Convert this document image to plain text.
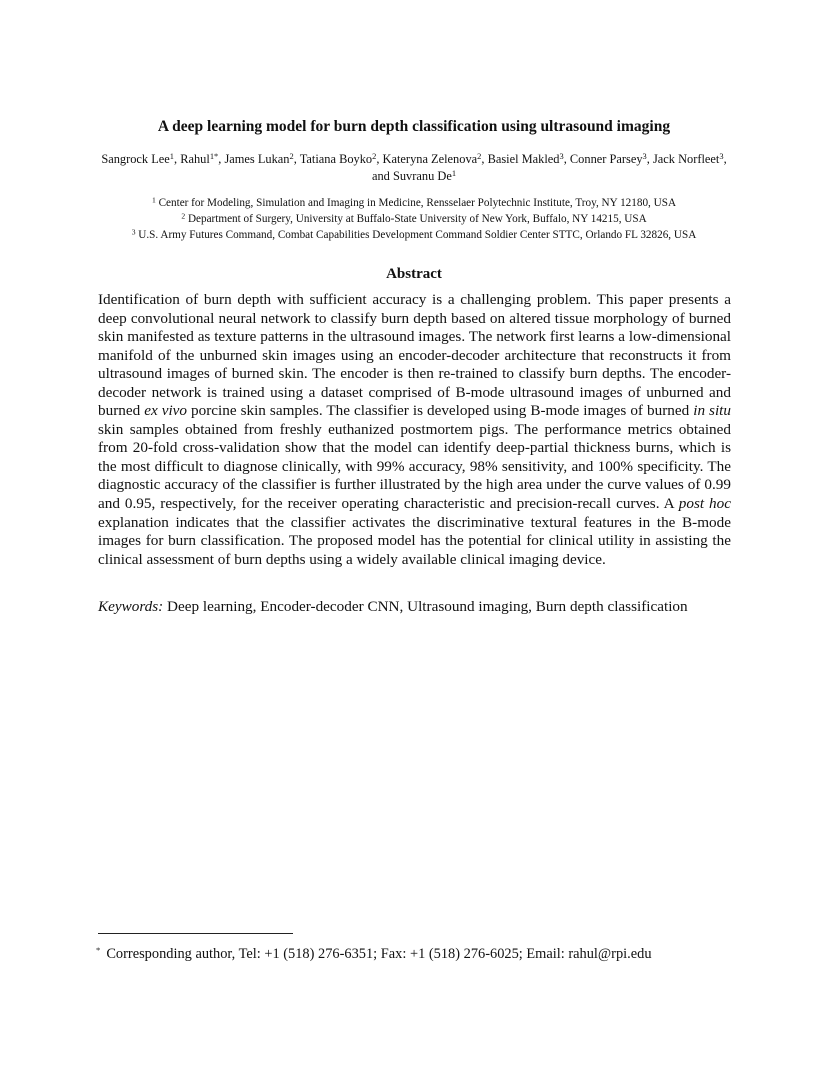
A deep learning model for burn depth classification using ultrasound imaging
Sangrock Lee$^1$, Rahul$^{1*}$, James Lukan$^2$, Tatiana Boyko$^2$, Kateryna Zelenova$^2$, Basiel Makled$^3$, Conner Parsey$^3$, Jack Norfleet$^3$, and Suvranu De$^1$
$^1$ Center for Modeling, Simulation and Imaging in Medicine, Rensselaer Polytechnic Institute, Troy, NY 12180, USA
$^2$ Department of Surgery, University at Buffalo-State University of New York, Buffalo, NY 14215, USA
$^3$ U.S. Army Futures Command, Combat Capabilities Development Command Soldier Center STTC, Orlando FL 32826, USA
Abstract

Identification of burn depth with sufficient accuracy is a challenging problem. This paper presents a deep convolutional neural network to classify burn depth based on altered tissue morphology of burned skin manifested as texture patterns in the ultrasound images. The network first learns a low-dimensional manifold of the unburned skin images using an encoder-decoder architecture that reconstructs it from ultrasound images of burned skin. The encoder is then re-trained to classify burn depths. The encoder-decoder network is trained using a dataset comprised of B-mode ultrasound images of unburned and burned ex vivo porcine skin samples. The classifier is developed using B-mode images of burned in situ skin samples obtained from freshly euthanized postmortem pigs. The performance metrics obtained from 20-fold cross-validation show that the model can identify deep-partial thickness burns, which is the most difficult to diagnose clinically, with 99% accuracy, 98% sensitivity, and 100% specificity. The diagnostic accuracy of the classifier is further illustrated by the high area under the curve values of 0.99 and 0.95, respectively, for the receiver operating characteristic and precision-recall curves. A post hoc explanation indicates that the classifier activates the discriminative textural features in the B-mode images for burn classification. The proposed model has the potential for clinical utility in assisting the clinical assessment of burn depths using a widely available clinical imaging device.

Keywords: Deep learning, Encoder-decoder CNN, Ultrasound imaging, Burn depth classification

* Corresponding author, Tel: +1 (518) 276-6351; Fax: +1 (518) 276-6025; Email: rahul@rpi.edu
